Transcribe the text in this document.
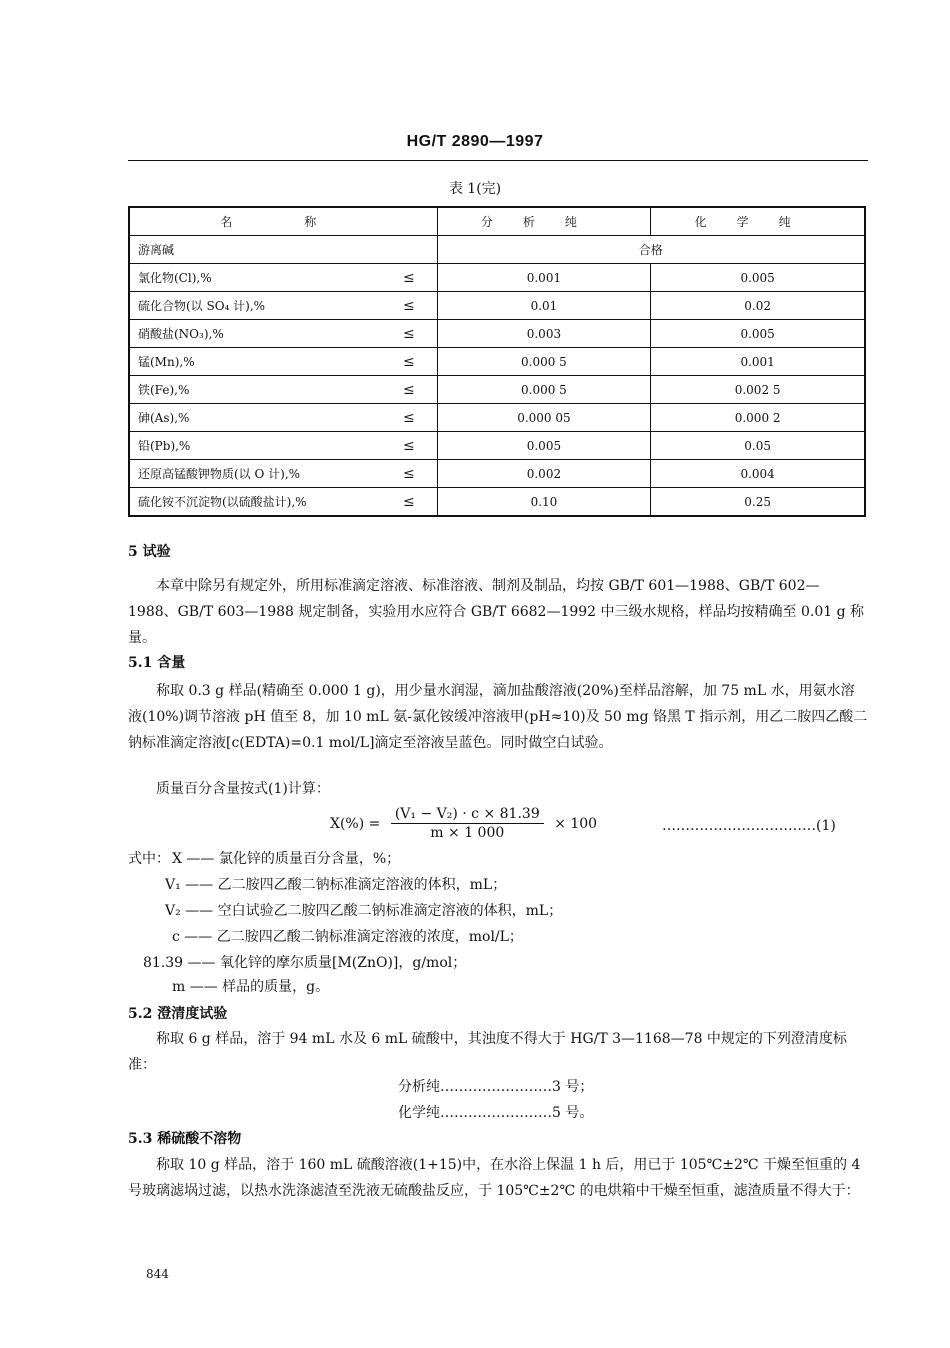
HG/T 2890—1997
表 1(完)
名　称		分析纯	化学纯
游离碱		合格	
氯化物(Cl),%	≤	0.001	0.005
硫化合物(以 SO₄ 计),%	≤	0.01	0.02
硝酸盐(NO₃),%	≤	0.003	0.005
锰(Mn),%	≤	0.000 5	0.001
铁(Fe),%	≤	0.000 5	0.002 5
砷(As),%	≤	0.000 05	0.000 2
铅(Pb),%	≤	0.005	0.05
还原高锰酸钾物质(以 O 计),%	≤	0.002	0.004
硫化铵不沉淀物(以硫酸盐计),%	≤	0.10	0.25
5 试验
本章中除另有规定外，所用标准滴定溶液、标准溶液、制剂及制品，均按 GB/T 601—1988、GB/T 602—1988、GB/T 603—1988 规定制备，实验用水应符合 GB/T 6682—1992 中三级水规格，样品均按精确至 0.01 g 称量。
5.1 含量
称取 0.3 g 样品(精确至 0.000 1 g)，用少量水润湿，滴加盐酸溶液(20%)至样品溶解，加 75 mL 水，用氨水溶液(10%)调节溶液 pH 值至 8，加 10 mL 氨-氯化铵缓冲溶液甲(pH≈10)及 50 mg 铬黑 T 指示剂，用乙二胺四乙酸二钠标准滴定溶液[c(EDTA)=0.1 mol/L]滴定至溶液呈蓝色。同时做空白试验。
质量百分含量按式(1)计算：
$X(\%) = \frac{\text{(V₁ − V₂) · c × 81.39}}{m \times 1 000} \times 100$	……………………………(1)
式中： X —— 氯化锌的质量百分含量，%；
V₁ —— 乙二胺四乙酸二钠标准滴定溶液的体积，mL；
V₂ —— 空白试验乙二胺四乙酸二钠标准滴定溶液的体积，mL；
c —— 乙二胺四乙酸二钠标准滴定溶液的浓度，mol/L；
81.39 —— 氧化锌的摩尔质量[M(ZnO)]，g/mol；
m —— 样品的质量，g。
5.2 澄清度试验
称取 6 g 样品，溶于 94 mL 水及 6 mL 硫酸中，其浊度不得大于 HG/T 3—1168—78 中规定的下列澄清度标准：
分析纯……………………3 号；
化学纯……………………5 号。
5.3 稀硫酸不溶物
称取 10 g 样品，溶于 160 mL 硫酸溶液(1+15)中，在水浴上保温 1 h 后，用已于 105℃±2℃ 干燥至恒重的 4 号玻璃滤埚过滤，以热水洗涤滤渣至洗液无硫酸盐反应，于 105℃±2℃ 的电烘箱中干燥至恒重，滤渣质量不得大于：
844
